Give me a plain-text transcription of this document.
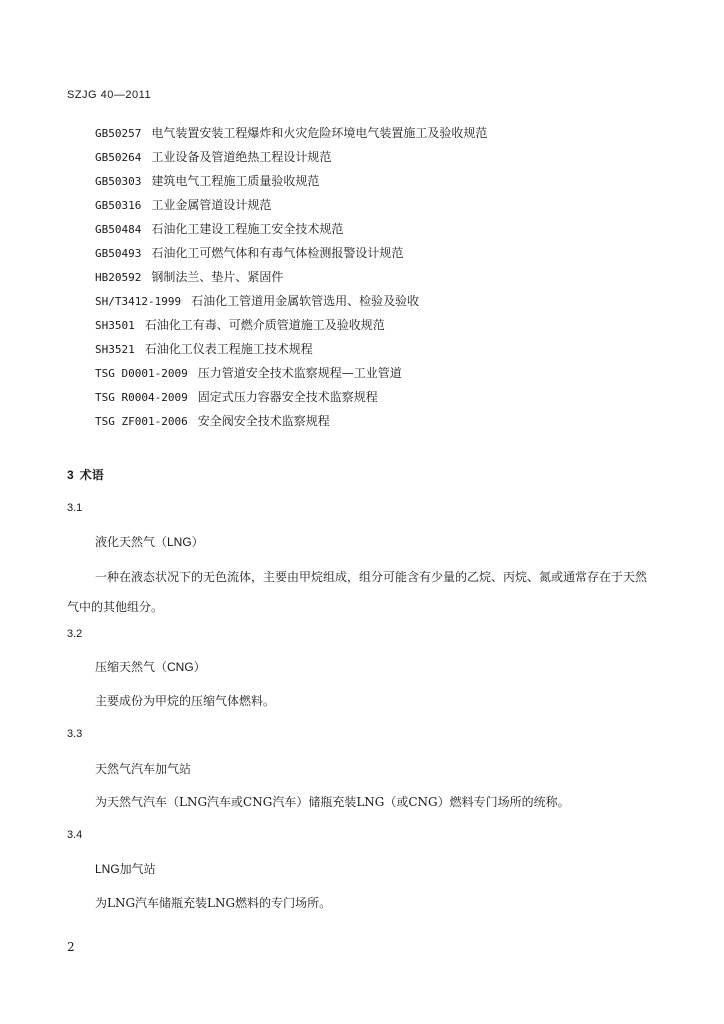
SZJG 40—2011
GB50257 电气装置安装工程爆炸和火灾危险环境电气装置施工及验收规范
GB50264 工业设备及管道绝热工程设计规范
GB50303 建筑电气工程施工质量验收规范
GB50316 工业金属管道设计规范
GB50484 石油化工建设工程施工安全技术规范
GB50493 石油化工可燃气体和有毒气体检测报警设计规范
HB20592 钢制法兰、垫片、紧固件
SH/T3412-1999 石油化工管道用金属软管选用、检验及验收
SH3501 石油化工有毒、可燃介质管道施工及验收规范
SH3521 石油化工仪表工程施工技术规程
TSG D0001-2009 压力管道安全技术监察规程—工业管道
TSG R0004-2009 固定式压力容器安全技术监察规程
TSG ZF001-2006 安全阀安全技术监察规程
3 术语
3.1
液化天然气（LNG）
一种在液态状况下的无色流体，主要由甲烷组成，组分可能含有少量的乙烷、丙烷、氮或通常存在于天然气中的其他组分。
3.2
压缩天然气（CNG）
主要成份为甲烷的压缩气体燃料。
3.3
天然气汽车加气站
为天然气汽车（LNG汽车或CNG汽车）储瓶充装LNG（或CNG）燃料专门场所的统称。
3.4
LNG加气站
为LNG汽车储瓶充装LNG燃料的专门场所。
2
